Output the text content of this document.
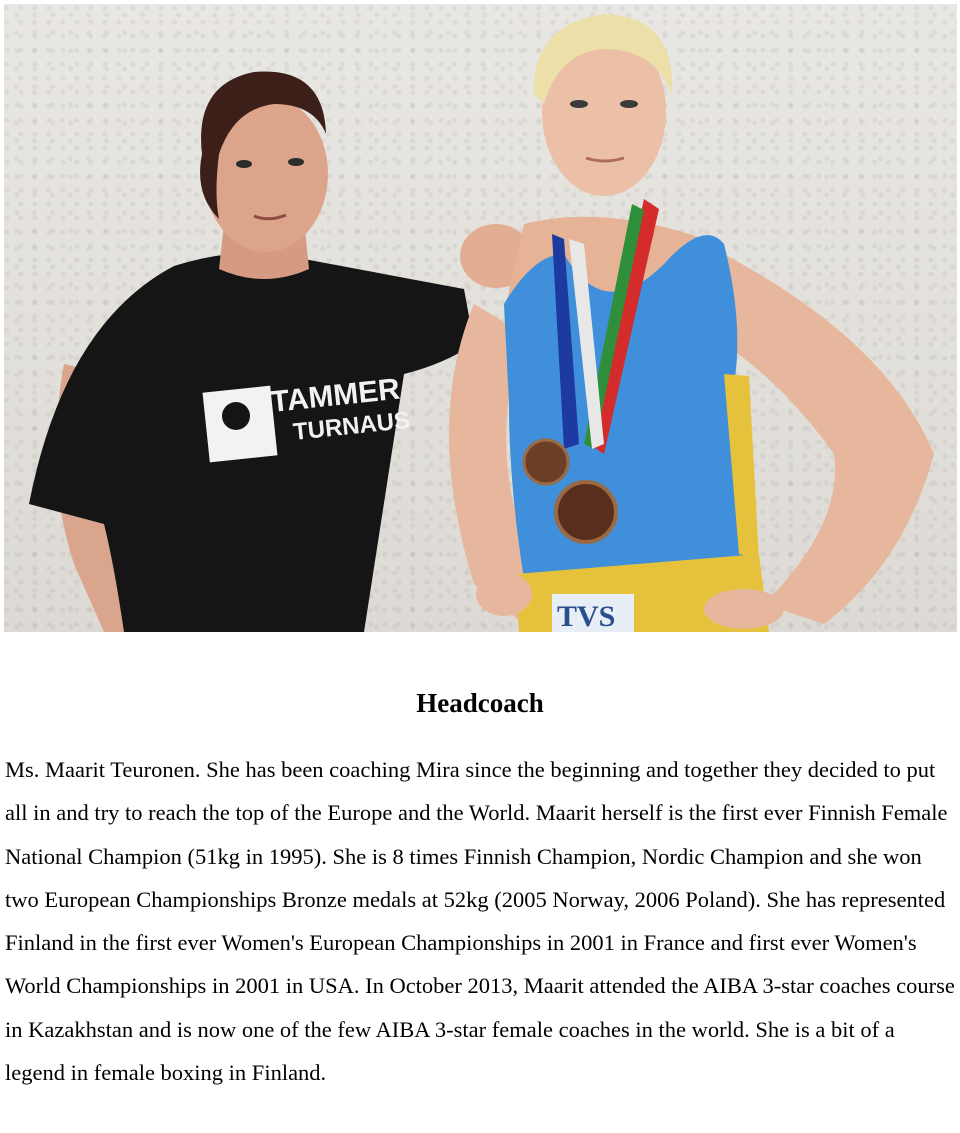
TAMMER
TURNAUS
TVS
Headcoach

Ms. Maarit Teuronen. She has been coaching Mira since the beginning and together they decided to put all in and try to reach the top of the Europe and the World. Maarit herself is the first ever Finnish Female National Champion (51kg in 1995). She is 8 times Finnish Champion, Nordic Champion and she won two European Championships Bronze medals at 52kg (2005 Norway, 2006 Poland). She has represented Finland in the first ever Women's European Championships in 2001 in France and first ever Women's World Championships in 2001 in USA. In October 2013, Maarit attended the AIBA 3-star coaches course in Kazakhstan and is now one of the few AIBA 3-star female coaches in the world. She is a bit of a legend in female boxing in Finland.
